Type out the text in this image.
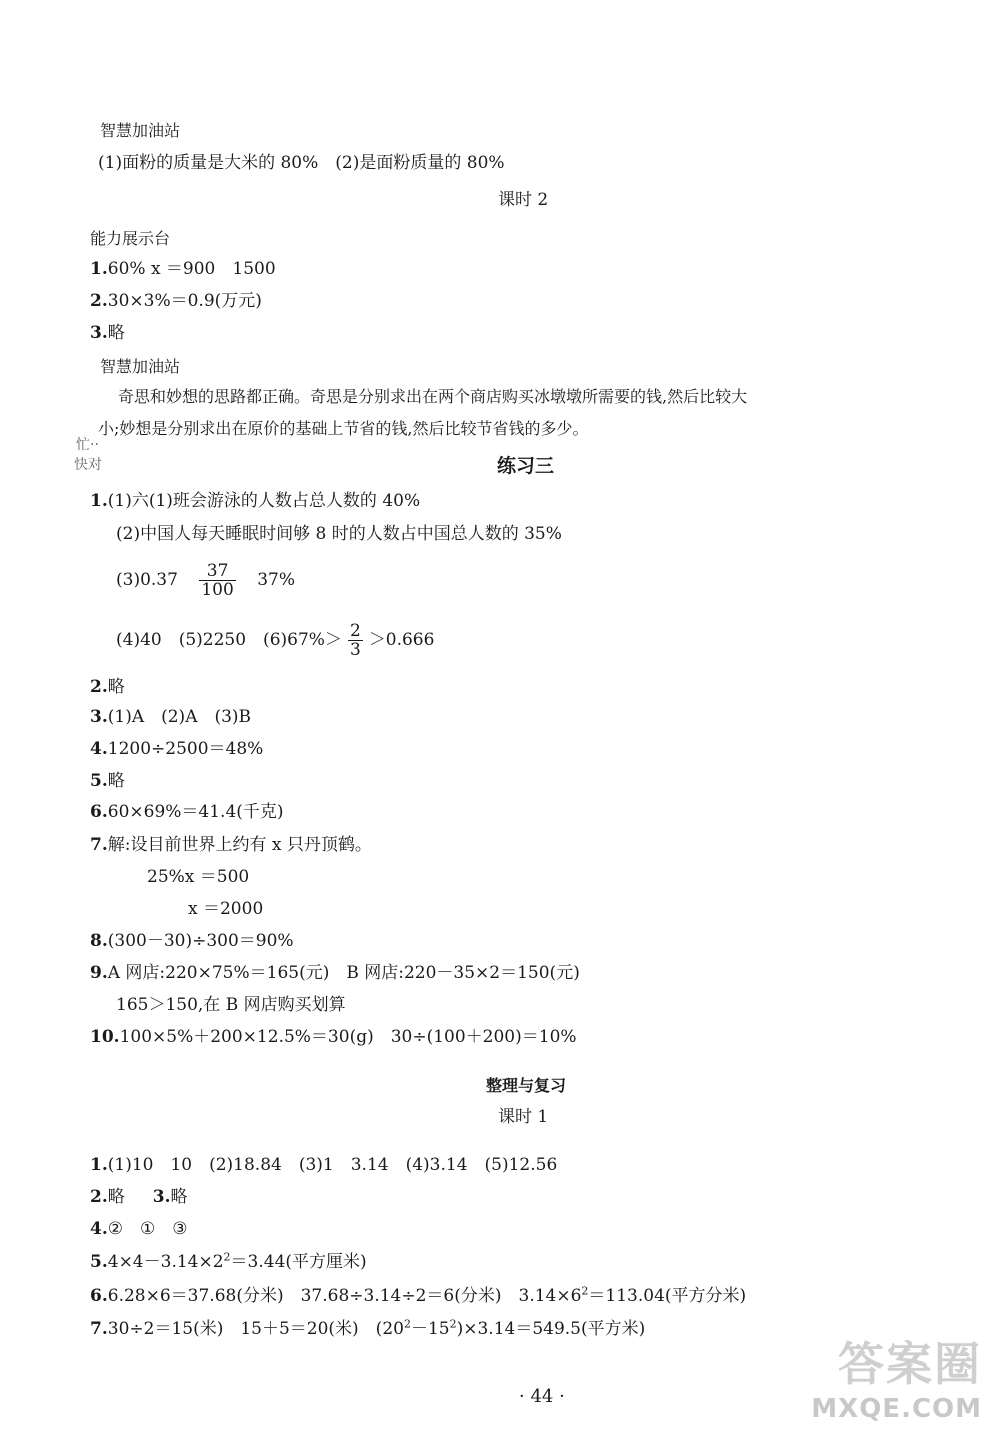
智慧加油站
(1)面粉的质量是大米的 80%　(2)是面粉质量的 80%
课时 2
能力展示台
1.60% x ＝900　1500
2.30×3%＝0.9(万元)
3.略
智慧加油站
奇思和妙想的思路都正确。奇思是分别求出在两个商店购买冰墩墩所需要的钱,然后比较大
小;妙想是分别求出在原价的基础上节省的钱,然后比较节省钱的多少。
忙··
快对	练习三
1.(1)六(1)班会游泳的人数占总人数的 40%
(2)中国人每天睡眠时间够 8 时的人数占中国总人数的 35%
$(3)0.37 \frac{37}{100} 37\%$
(4)40　(5)2250　$(6)67\%> \frac{2}{3} >0.666$
2.略
3.(1)A　(2)A　(3)B
4.1200÷2500＝48%
5.略
6.60×69%＝41.4(千克)
7.解:设目前世界上约有 x 只丹顶鹤。
25%x ＝500
x ＝2000
8.(300－30)÷300＝90%
9.A 网店:220×75%＝165(元)　B 网店:220－35×2＝150(元)
165＞150,在 B 网店购买划算
10.100×5%＋200×12.5%＝30(g)　30÷(100＋200)＝10%
整理与复习
课时 1
1.(1)10　10　(2)18.84　(3)1　3.14　(4)3.14　(5)12.56
2.略 3.略
4.②　①　③
$5.4\times 4-3.14\times 2^2=3.44$(平方厘米)
6.6.28×6＝37.68(分米)　37.68÷3.14÷2＝6(分米)　$3.14\times 6^2=113.04$(平方分米)
7.30÷2＝15(米)　15＋5＝20(米)　$(20^2-15^2)\times 3.14=549.5$(平方米)
· 44 ·
答案圈
MXQE.COM
